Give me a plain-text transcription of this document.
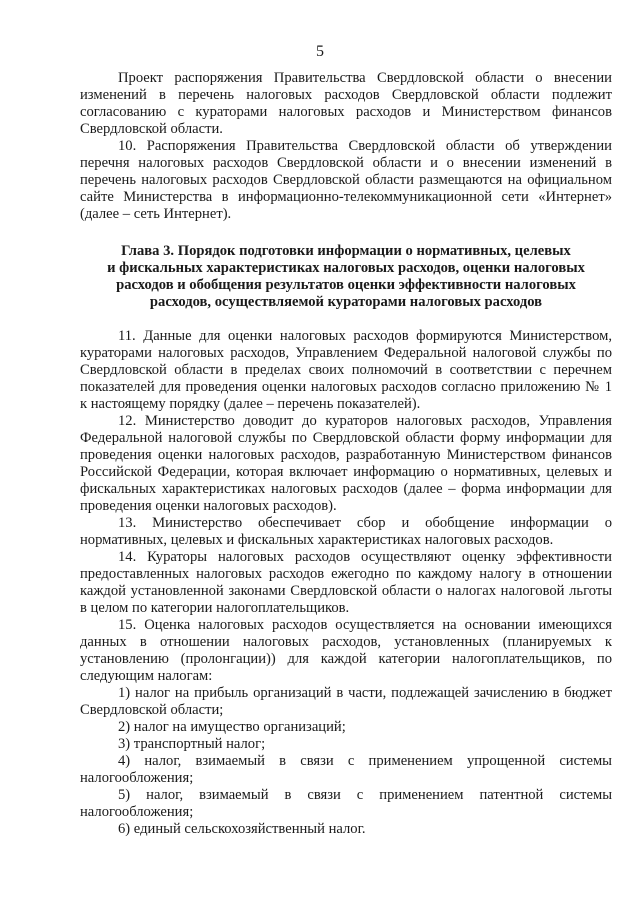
5

Проект распоряжения Правительства Свердловской области о внесении изменений в перечень налоговых расходов Свердловской области подлежит согласованию с кураторами налоговых расходов и Министерством финансов Свердловской области.

10. Распоряжения Правительства Свердловской области об утверждении перечня налоговых расходов Свердловской области и о внесении изменений в перечень налоговых расходов Свердловской области размещаются на официальном сайте Министерства в информационно-телекоммуникационной сети «Интернет» (далее – сеть Интернет).

Глава 3. Порядок подготовки информации о нормативных, целевых
и фискальных характеристиках налоговых расходов, оценки налоговых
расходов и обобщения результатов оценки эффективности налоговых
расходов, осуществляемой кураторами налоговых расходов

11. Данные для оценки налоговых расходов формируются Министерством, кураторами налоговых расходов, Управлением Федеральной налоговой службы по Свердловской области в пределах своих полномочий в соответствии с перечнем показателей для проведения оценки налоговых расходов согласно приложению № 1 к настоящему порядку (далее – перечень показателей).

12. Министерство доводит до кураторов налоговых расходов, Управления Федеральной налоговой службы по Свердловской области форму информации для проведения оценки налоговых расходов, разработанную Министерством финансов Российской Федерации, которая включает информацию о нормативных, целевых и фискальных характеристиках налоговых расходов (далее – форма информации для проведения оценки налоговых расходов).

13. Министерство обеспечивает сбор и обобщение информации о нормативных, целевых и фискальных характеристиках налоговых расходов.

14. Кураторы налоговых расходов осуществляют оценку эффективности предоставленных налоговых расходов ежегодно по каждому налогу в отношении каждой установленной законами Свердловской области о налогах налоговой льготы в целом по категории налогоплательщиков.

15. Оценка налоговых расходов осуществляется на основании имеющихся данных в отношении налоговых расходов, установленных (планируемых к установлению (пролонгации)) для каждой категории налогоплательщиков, по следующим налогам:

1) налог на прибыль организаций в части, подлежащей зачислению в бюджет Свердловской области;

2) налог на имущество организаций;

3) транспортный налог;

4) налог, взимаемый в связи с применением упрощенной системы налогообложения;

5) налог, взимаемый в связи с применением патентной системы налогообложения;

6) единый сельскохозяйственный налог.
